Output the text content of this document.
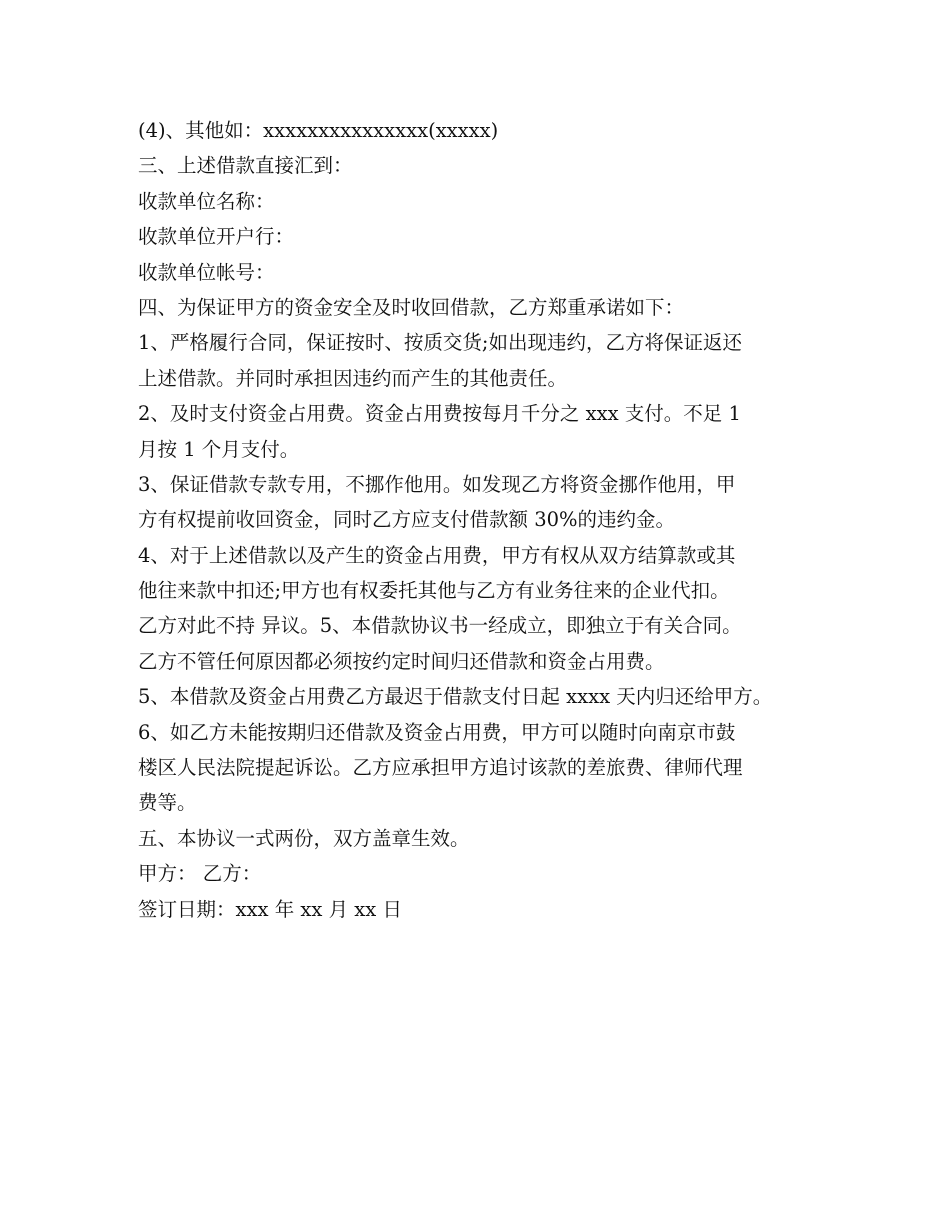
(4)、其他如：xxxxxxxxxxxxxxx(xxxxx)
三、上述借款直接汇到：
收款单位名称：
收款单位开户行：
收款单位帐号：
四、为保证甲方的资金安全及时收回借款，乙方郑重承诺如下：
1、严格履行合同，保证按时、按质交货;如出现违约，乙方将保证返还
上述借款。并同时承担因违约而产生的其他责任。
2、及时支付资金占用费。资金占用费按每月千分之 xxx 支付。不足 1
月按 1 个月支付。
3、保证借款专款专用，不挪作他用。如发现乙方将资金挪作他用，甲
方有权提前收回资金，同时乙方应支付借款额 30%的违约金。
4、对于上述借款以及产生的资金占用费，甲方有权从双方结算款或其
他往来款中扣还;甲方也有权委托其他与乙方有业务往来的企业代扣。
乙方对此不持 异议。5、本借款协议书一经成立，即独立于有关合同。
乙方不管任何原因都必须按约定时间归还借款和资金占用费。
5、本借款及资金占用费乙方最迟于借款支付日起 xxxx 天内归还给甲方。
6、如乙方未能按期归还借款及资金占用费，甲方可以随时向南京市鼓
楼区人民法院提起诉讼。乙方应承担甲方追讨该款的差旅费、律师代理
费等。
五、本协议一式两份，双方盖章生效。
甲方： 乙方：
签订日期：xxx 年 xx 月 xx 日
